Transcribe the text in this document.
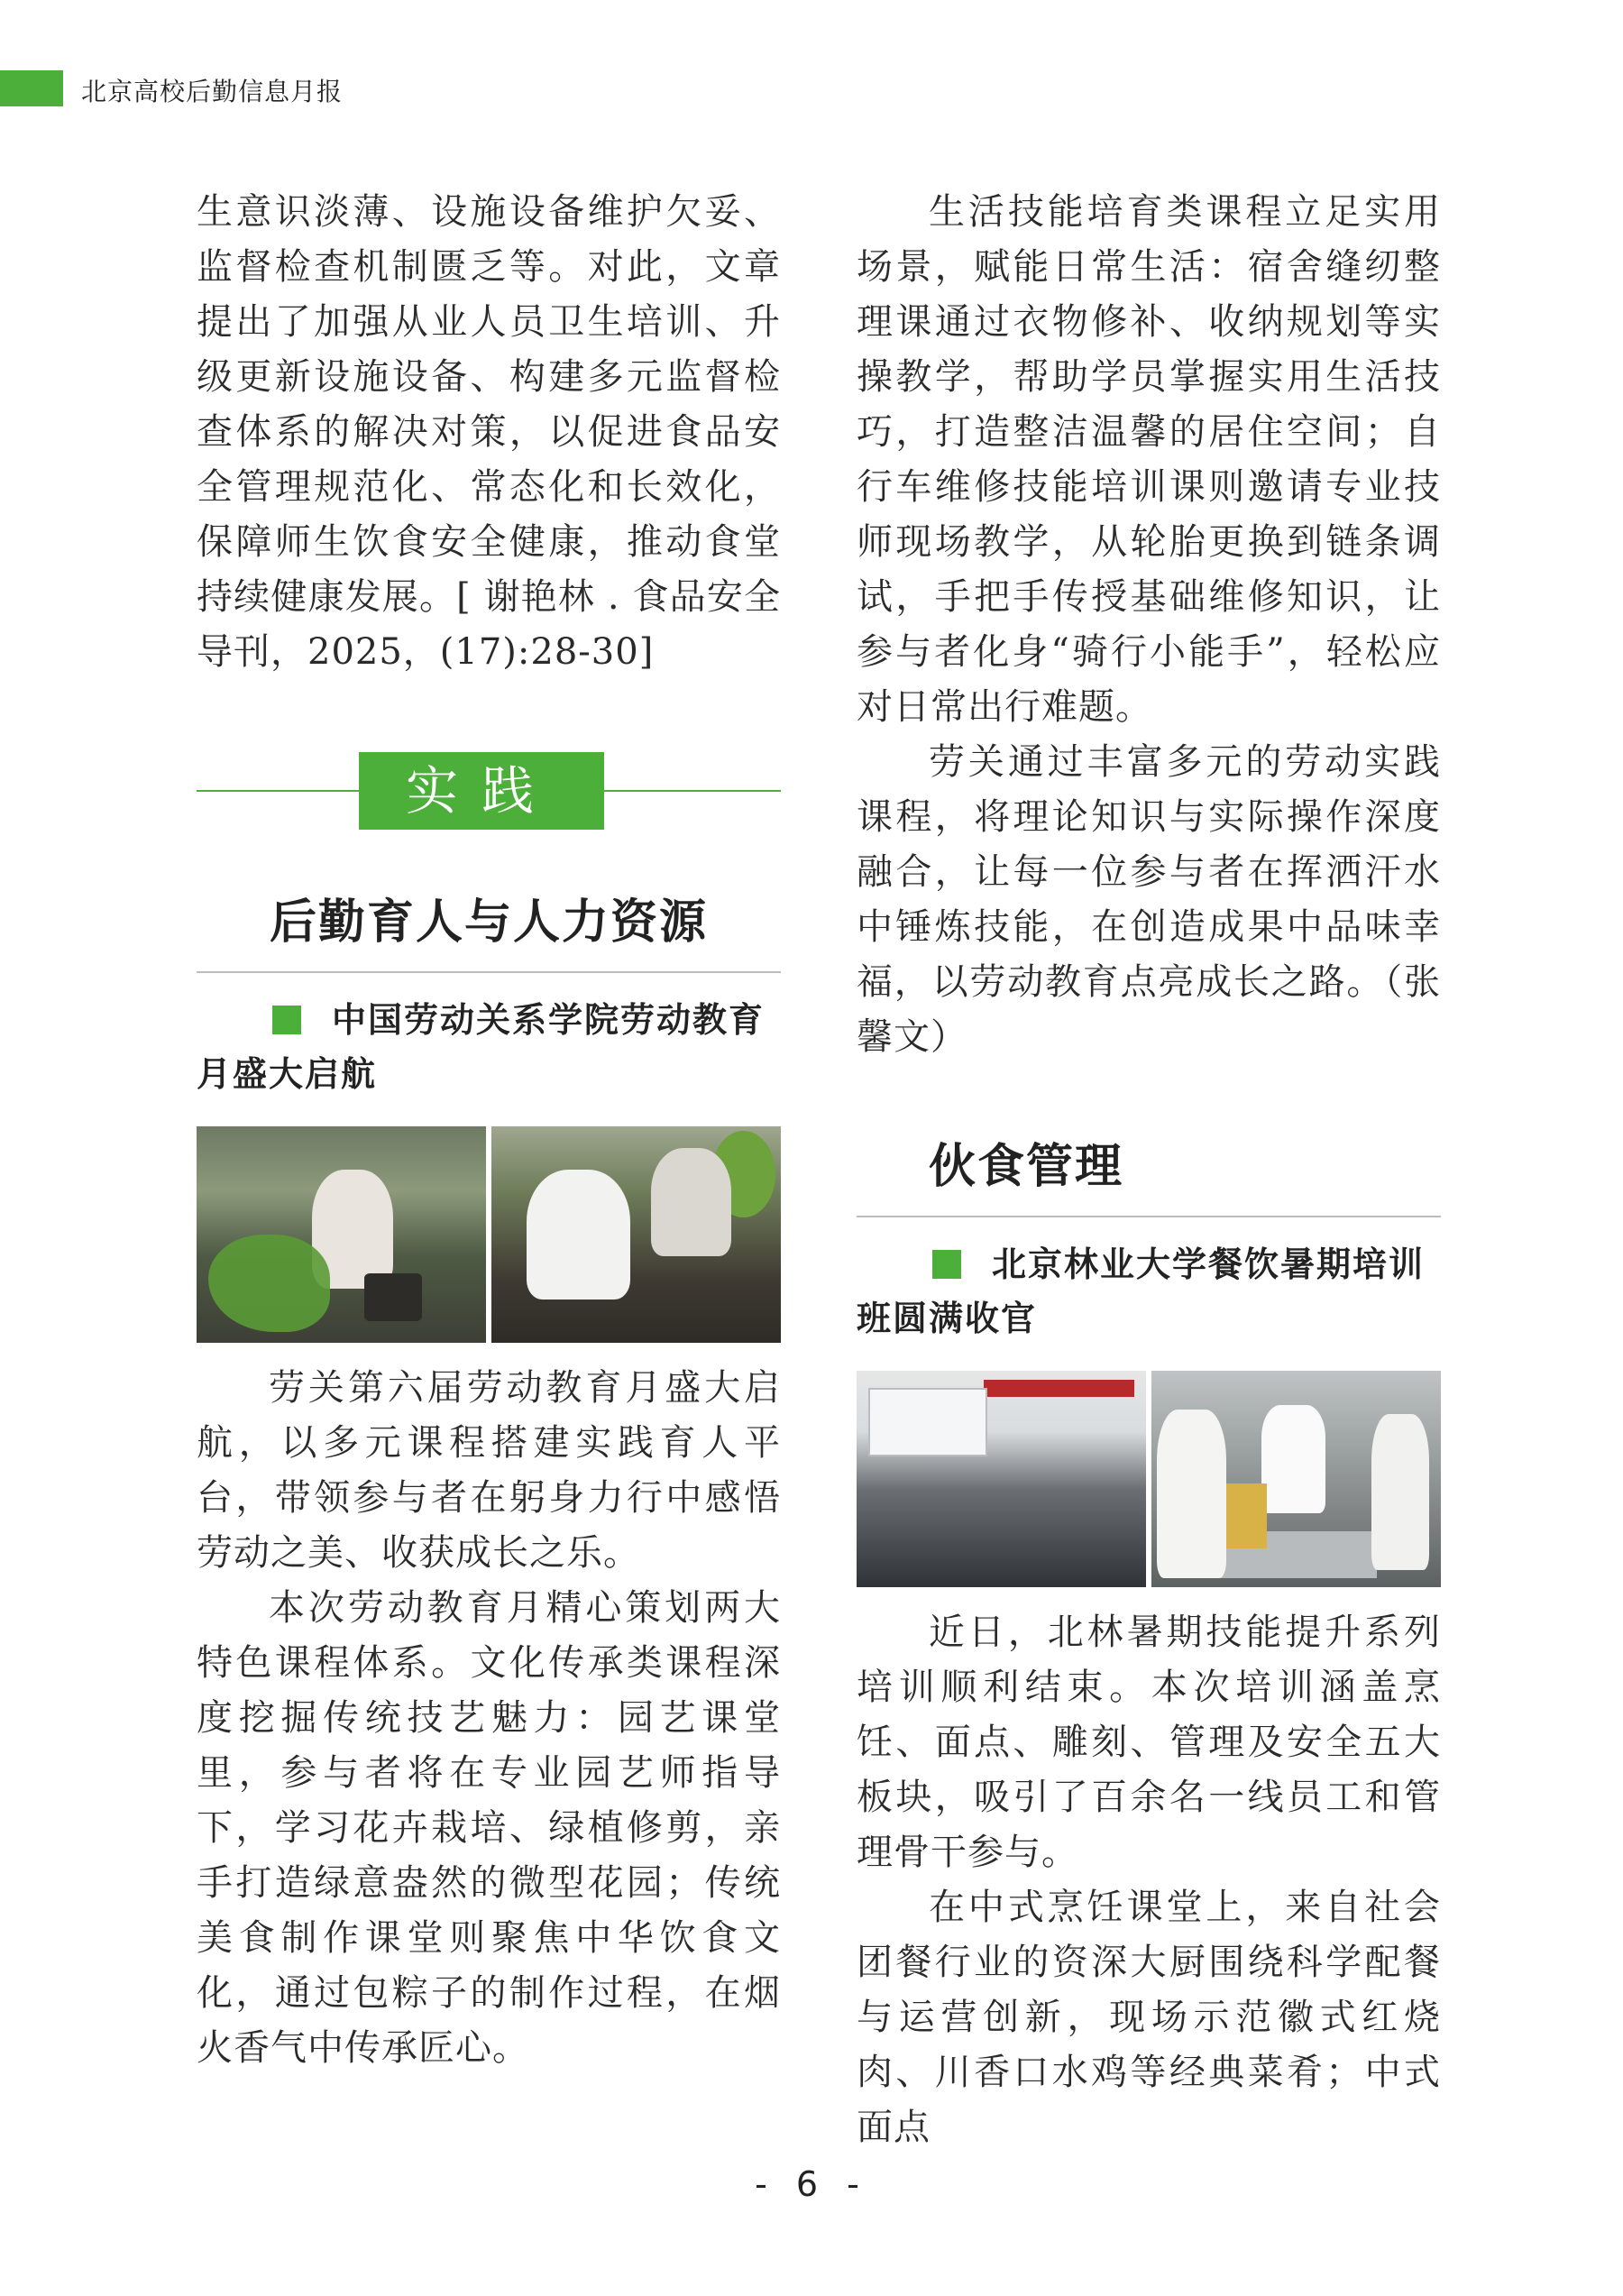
北京高校后勤信息月报

生意识淡薄、设施设备维护欠妥、监督检查机制匮乏等。对此，文章提出了加强从业人员卫生培训、升级更新设施设备、构建多元监督检查体系的解决对策，以促进食品安全管理规范化、常态化和长效化，保障师生饮食安全健康，推动食堂持续健康发展。[ 谢艳林 . 食品安全导刊，2025，(17):28-30]

实践
后勤育人与人力资源
中国劳动关系学院劳动教育月盛大启航

劳关第六届劳动教育月盛大启航，以多元课程搭建实践育人平台，带领参与者在躬身力行中感悟劳动之美、收获成长之乐。

本次劳动教育月精心策划两大特色课程体系。文化传承类课程深度挖掘传统技艺魅力：园艺课堂里，参与者将在专业园艺师指导下，学习花卉栽培、绿植修剪，亲手打造绿意盎然的微型花园；传统美食制作课堂则聚焦中华饮食文化，通过包粽子的制作过程，在烟火香气中传承匠心。

生活技能培育类课程立足实用场景，赋能日常生活：宿舍缝纫整理课通过衣物修补、收纳规划等实操教学，帮助学员掌握实用生活技巧，打造整洁温馨的居住空间；自行车维修技能培训课则邀请专业技师现场教学，从轮胎更换到链条调试，手把手传授基础维修知识，让参与者化身“骑行小能手”，轻松应对日常出行难题。

劳关通过丰富多元的劳动实践课程，将理论知识与实际操作深度融合，让每一位参与者在挥洒汗水中锤炼技能，在创造成果中品味幸福，以劳动教育点亮成长之路。（张馨文）

伙食管理
北京林业大学餐饮暑期培训班圆满收官

近日，北林暑期技能提升系列培训顺利结束。本次培训涵盖烹饪、面点、雕刻、管理及安全五大板块，吸引了百余名一线员工和管理骨干参与。

在中式烹饪课堂上，来自社会团餐行业的资深大厨围绕科学配餐与运营创新，现场示范徽式红烧肉、川香口水鸡等经典菜肴；中式面点

- 6 -
